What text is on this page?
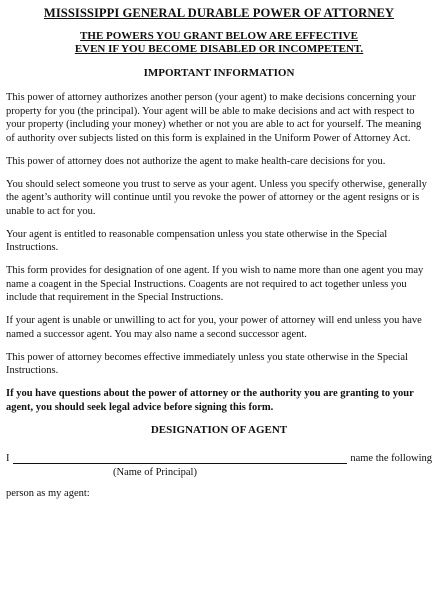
MISSISSIPPI GENERAL DURABLE POWER OF ATTORNEY
THE POWERS YOU GRANT BELOW ARE EFFECTIVE
EVEN IF YOU BECOME DISABLED OR INCOMPETENT.
IMPORTANT INFORMATION

This power of attorney authorizes another person (your agent) to make decisions concerning your property for you (the principal). Your agent will be able to make decisions and act with respect to your property (including your money) whether or not you are able to act for yourself. The meaning of authority over subjects listed on this form is explained in the Uniform Power of Attorney Act.

This power of attorney does not authorize the agent to make health-care decisions for you.

You should select someone you trust to serve as your agent. Unless you specify otherwise, generally the agent’s authority will continue until you revoke the power of attorney or the agent resigns or is unable to act for you.

Your agent is entitled to reasonable compensation unless you state otherwise in the Special Instructions.

This form provides for designation of one agent. If you wish to name more than one agent you may name a coagent in the Special Instructions. Coagents are not required to act together unless you include that requirement in the Special Instructions.

If your agent is unable or unwilling to act for you, your power of attorney will end unless you have named a successor agent. You may also name a second successor agent.

This power of attorney becomes effective immediately unless you state otherwise in the Special Instructions.

If you have questions about the power of attorney or the authority you are granting to your agent, you should seek legal advice before signing this form.

DESIGNATION OF AGENT
I	name the following
(Name of Principal)
person as my agent:
